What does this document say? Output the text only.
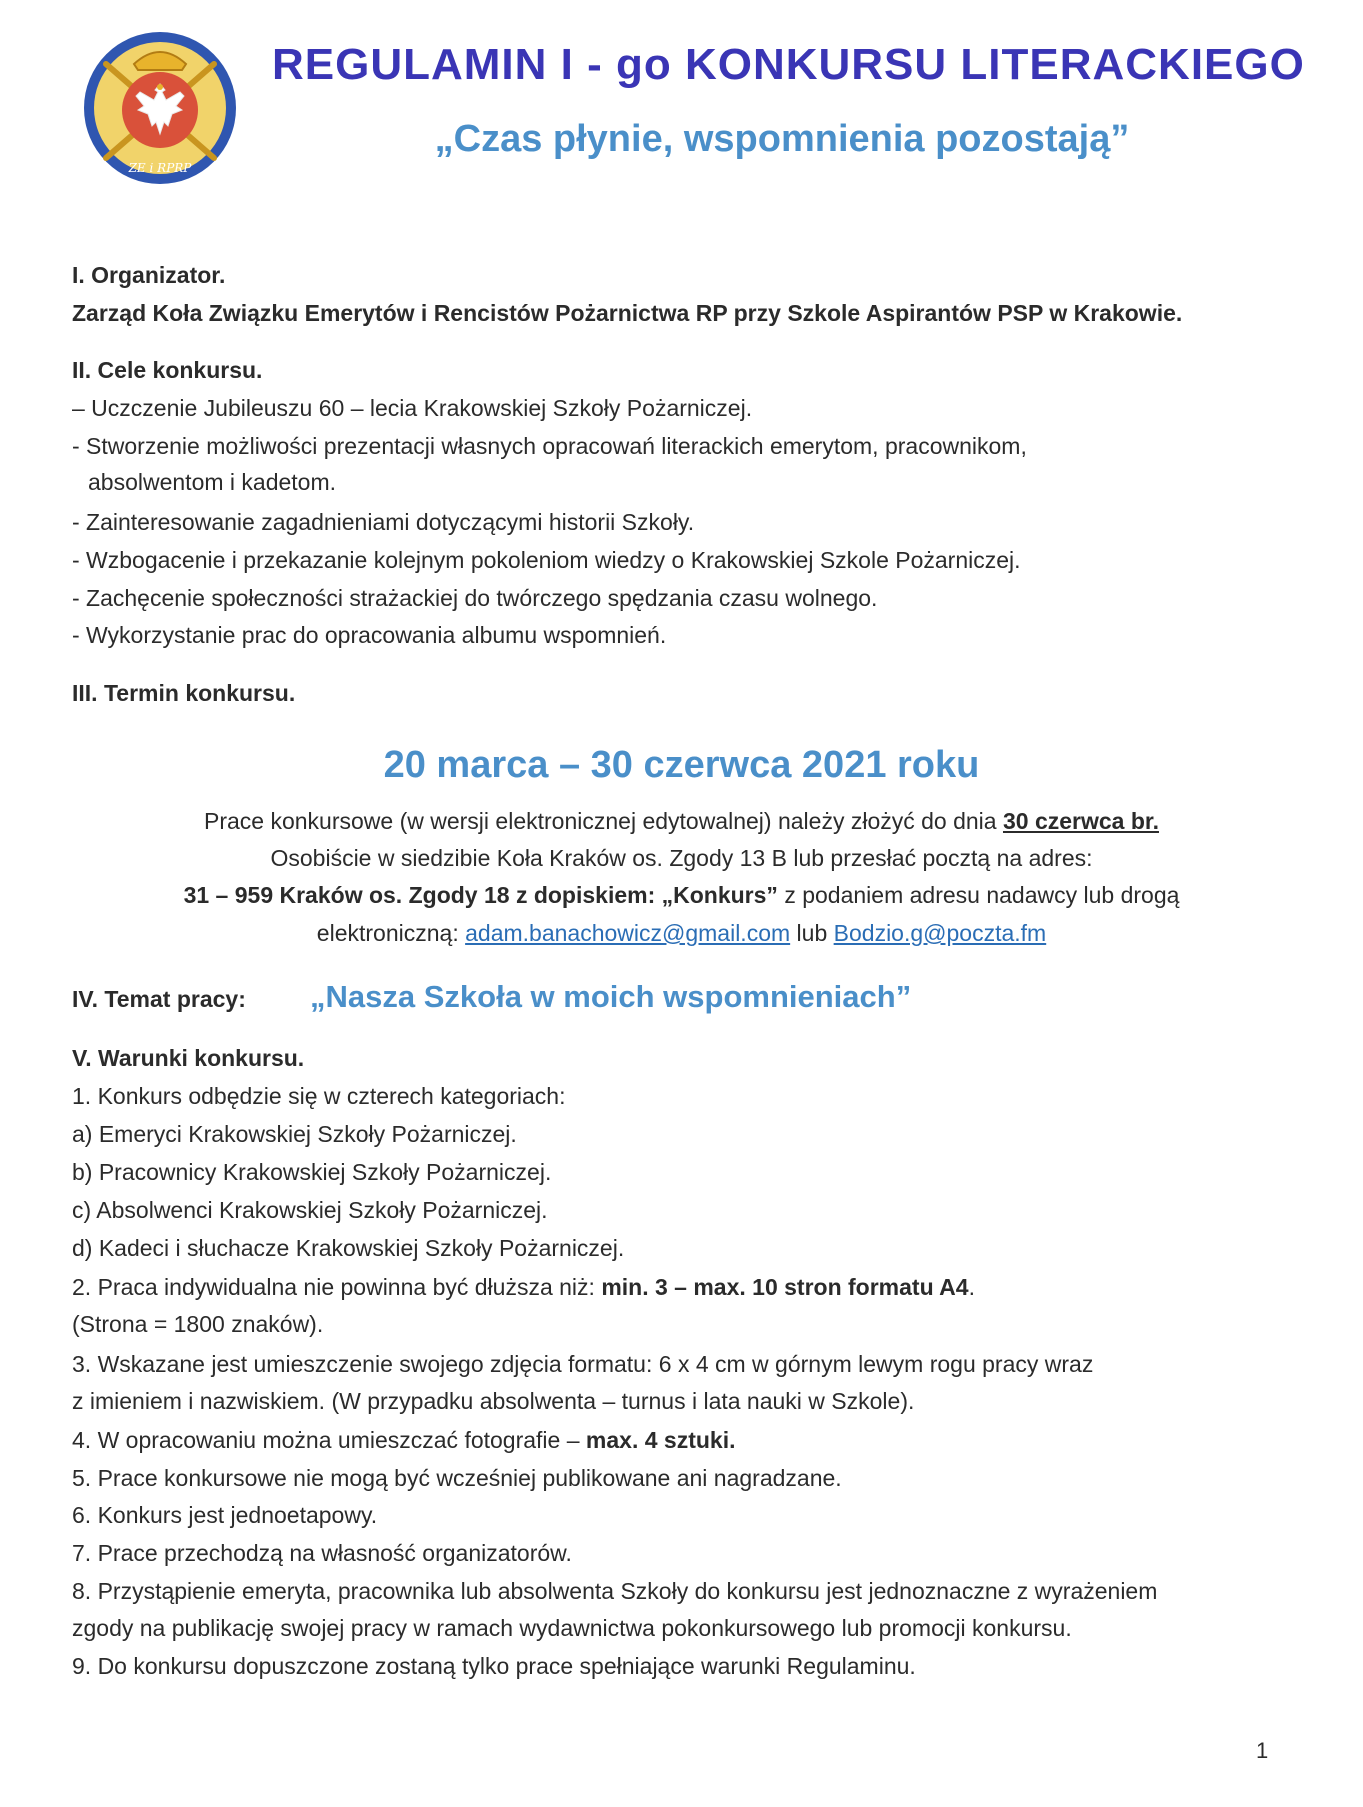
ZE i RPRP
REGULAMIN I - go KONKURSU LITERACKIEGO
„Czas płynie, wspomnienia pozostają”
I. Organizator.
Zarząd Koła Związku Emerytów i Rencistów Pożarnictwa RP przy Szkole Aspirantów PSP w Krakowie.
II. Cele konkursu.
– Uczczenie Jubileuszu 60 – lecia Krakowskiej Szkoły Pożarniczej.
- Stworzenie możliwości prezentacji własnych opracowań literackich emerytom, pracownikom,
absolwentom i kadetom.
- Zainteresowanie zagadnieniami dotyczącymi historii Szkoły.
- Wzbogacenie i przekazanie kolejnym pokoleniom wiedzy o Krakowskiej Szkole Pożarniczej.
- Zachęcenie społeczności strażackiej do twórczego spędzania czasu wolnego.
- Wykorzystanie prac do opracowania albumu wspomnień.
III. Termin konkursu.
20 marca – 30 czerwca 2021 roku
Prace konkursowe (w wersji elektronicznej edytowalnej) należy złożyć do dnia 30 czerwca br.
Osobiście w siedzibie Koła Kraków os. Zgody 13 B lub przesłać pocztą na adres:
31 – 959 Kraków os. Zgody 18 z dopiskiem: „Konkurs” z podaniem adresu nadawcy lub drogą
elektroniczną: adam.banachowicz@gmail.com lub Bodzio.g@poczta.fm
IV. Temat pracy: „Nasza Szkoła w moich wspomnieniach”
V. Warunki konkursu.
1. Konkurs odbędzie się w czterech kategoriach:
a) Emeryci Krakowskiej Szkoły Pożarniczej.
b) Pracownicy Krakowskiej Szkoły Pożarniczej.
c) Absolwenci Krakowskiej Szkoły Pożarniczej.
d) Kadeci i słuchacze Krakowskiej Szkoły Pożarniczej.
2. Praca indywidualna nie powinna być dłuższa niż: min. 3 – max. 10 stron formatu A4.
(Strona = 1800 znaków).
3. Wskazane jest umieszczenie swojego zdjęcia formatu: 6 x 4 cm w górnym lewym rogu pracy wraz
z imieniem i nazwiskiem. (W przypadku absolwenta – turnus i lata nauki w Szkole).
4. W opracowaniu można umieszczać fotografie – max. 4 sztuki.
5. Prace konkursowe nie mogą być wcześniej publikowane ani nagradzane.
6. Konkurs jest jednoetapowy.
7. Prace przechodzą na własność organizatorów.
8. Przystąpienie emeryta, pracownika lub absolwenta Szkoły do konkursu jest jednoznaczne z wyrażeniem
zgody na publikację swojej pracy w ramach wydawnictwa pokonkursowego lub promocji konkursu.
9. Do konkursu dopuszczone zostaną tylko prace spełniające warunki Regulaminu.
1
